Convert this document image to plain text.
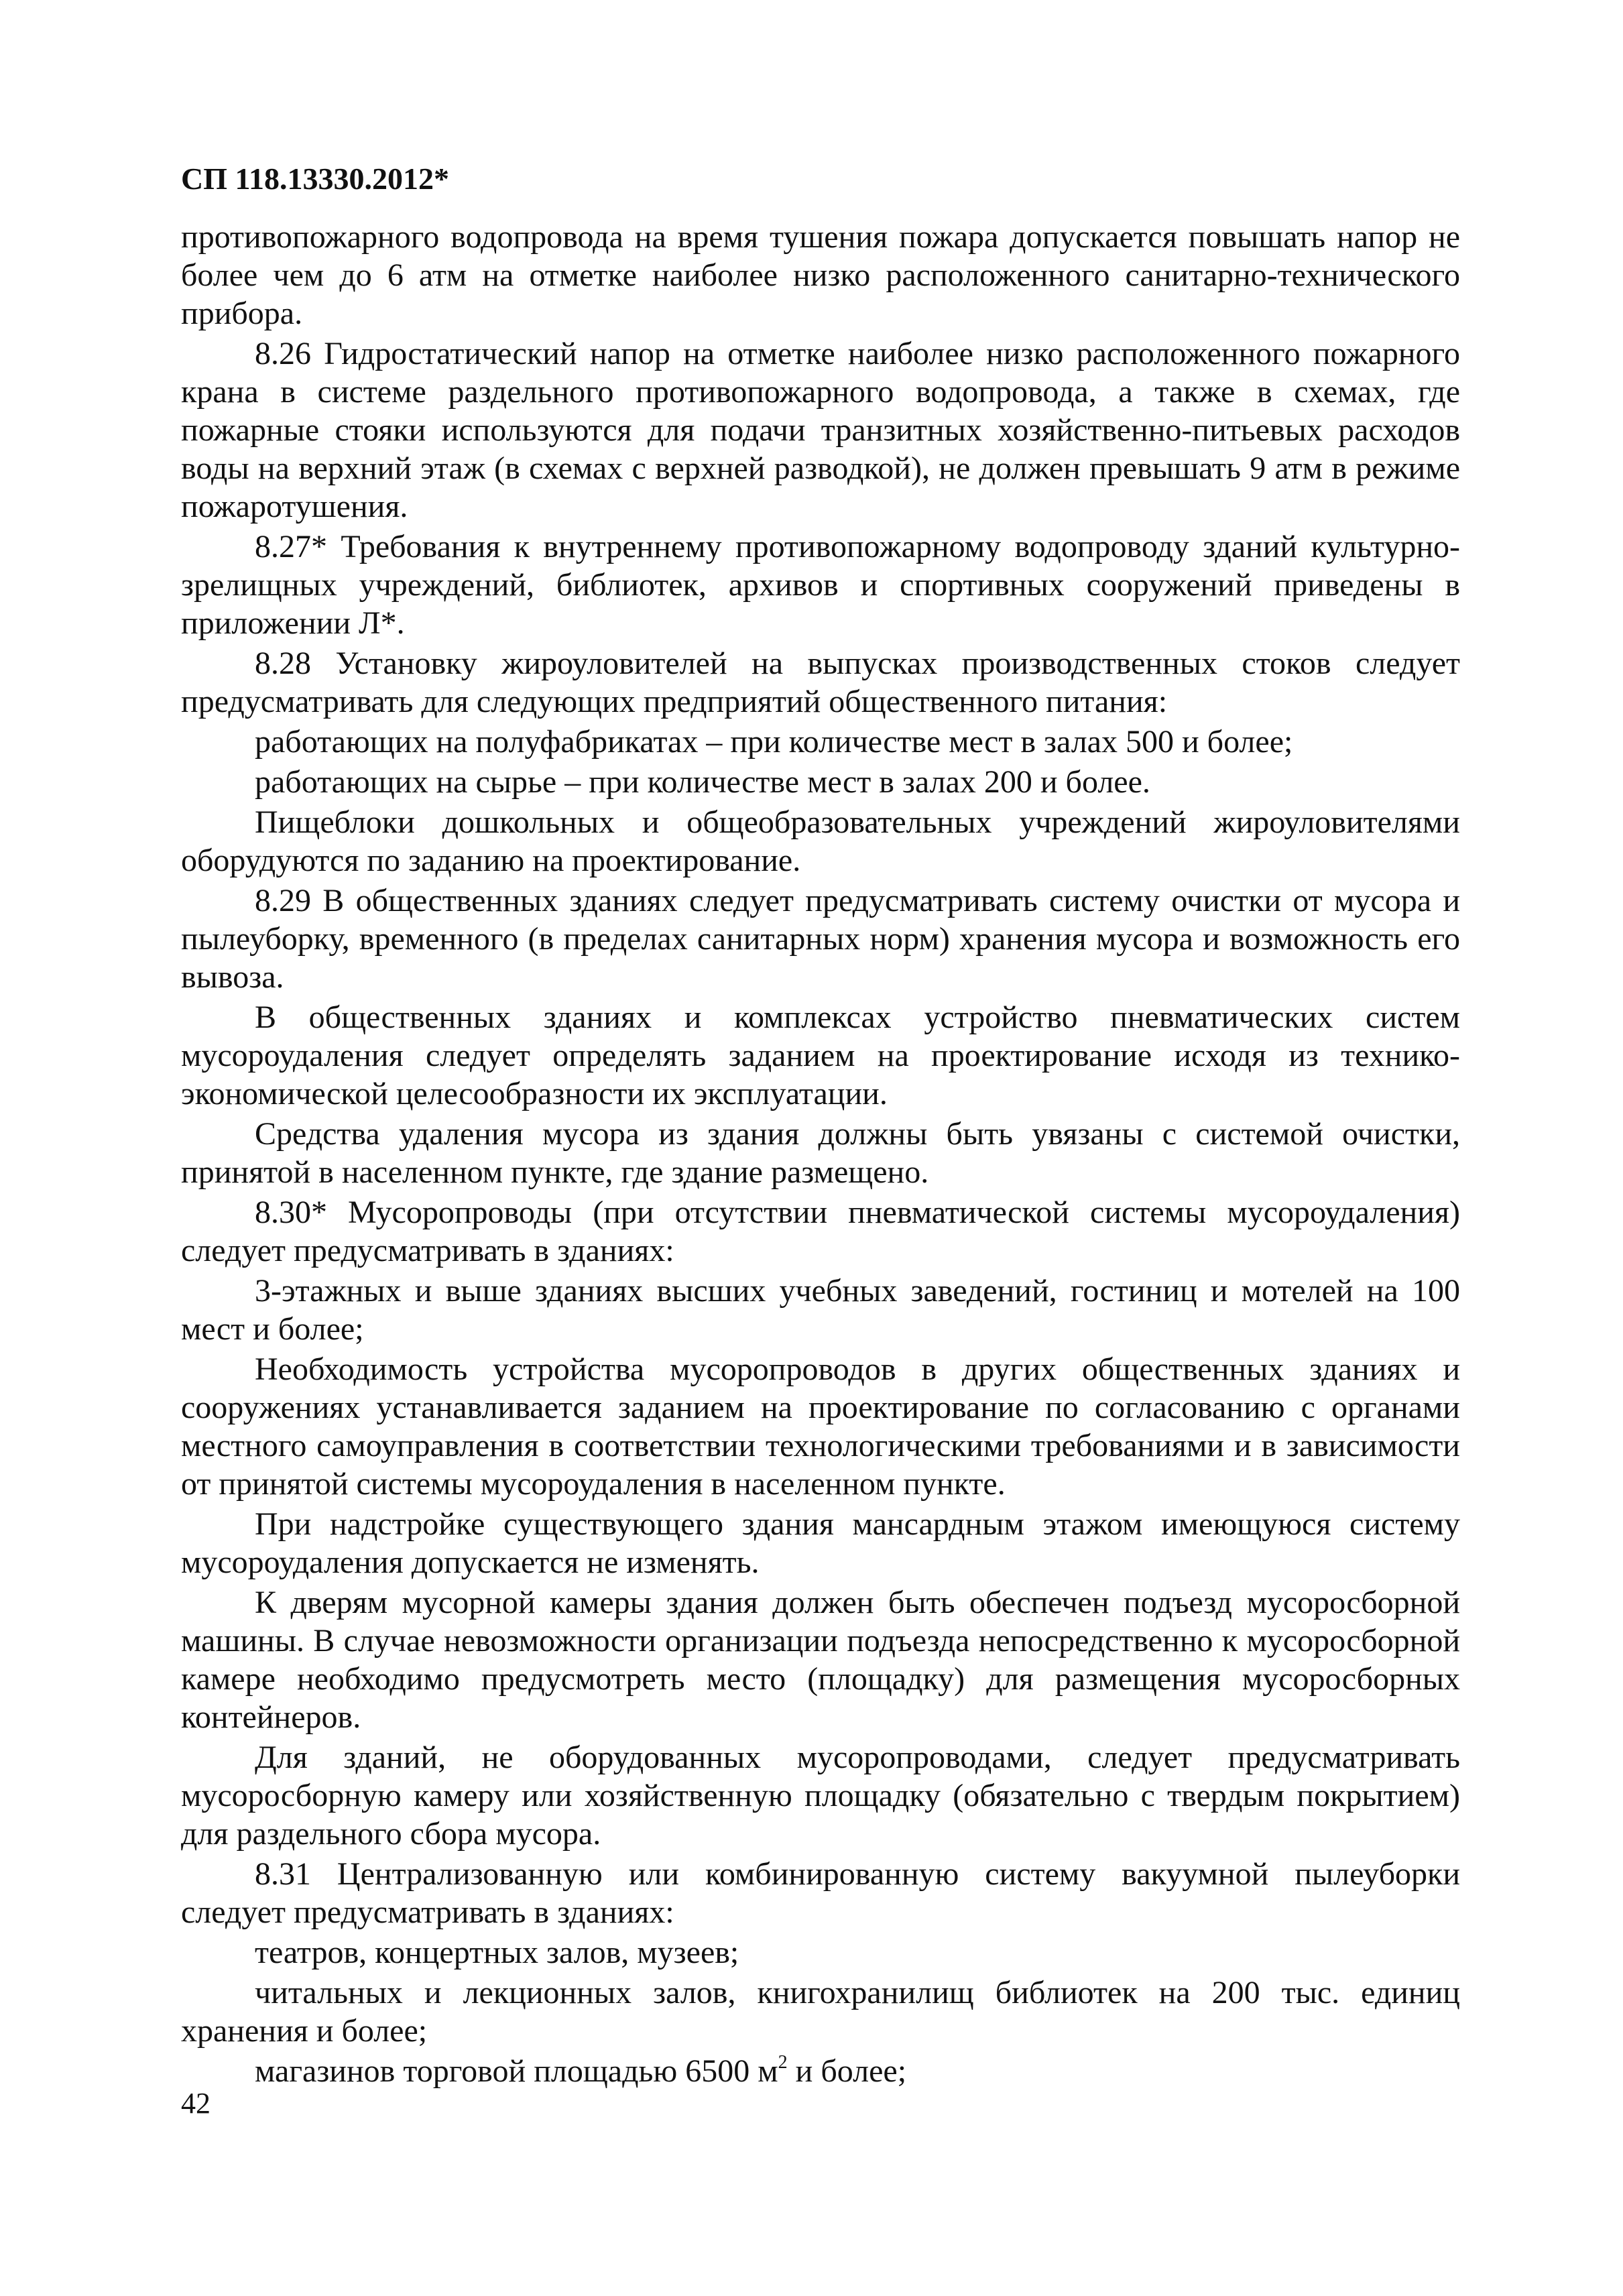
СП 118.13330.2012*

противопожарного водопровода на время тушения пожара допускается повышать напор не более чем до 6 атм на отметке наиболее низко расположенного санитарно-технического прибора.

8.26 Гидростатический напор на отметке наиболее низко расположенного пожарного крана в системе раздельного противопожарного водопровода, а также в схемах, где пожарные стояки используются для подачи транзитных хозяйственно-питьевых расходов воды на верхний этаж (в схемах с верхней разводкой), не должен превышать 9 атм в режиме пожаротушения.

8.27* Требования к внутреннему противопожарному водопроводу зданий культурно-зрелищных учреждений, библиотек, архивов и спортивных сооружений приведены в приложении Л*.

8.28 Установку жироуловителей на выпусках производственных стоков следует предусматривать для следующих предприятий общественного питания:

работающих на полуфабрикатах – при количестве мест в залах 500 и более;

работающих на сырье – при количестве мест в залах 200 и более.

Пищеблоки дошкольных и общеобразовательных учреждений жироуловителями оборудуются по заданию на проектирование.

8.29 В общественных зданиях следует предусматривать систему очистки от мусора и пылеуборку, временного (в пределах санитарных норм) хранения мусора и возможность его вывоза.

В общественных зданиях и комплексах устройство пневматических систем мусороудаления следует определять заданием на проектирование исходя из технико-экономической целесообразности их эксплуатации.

Средства удаления мусора из здания должны быть увязаны с системой очистки, принятой в населенном пункте, где здание размещено.

8.30* Мусоропроводы (при отсутствии пневматической системы мусороудаления) следует предусматривать в зданиях:

3-этажных и выше зданиях высших учебных заведений, гостиниц и мотелей на 100 мест и более;

Необходимость устройства мусоропроводов в других общественных зданиях и сооружениях устанавливается заданием на проектирование по согласованию с органами местного самоуправления в соответствии технологическими требованиями и в зависимости от принятой системы мусороудаления в населенном пункте.

При надстройке существующего здания мансардным этажом имеющуюся систему мусороудаления допускается не изменять.

К дверям мусорной камеры здания должен быть обеспечен подъезд мусоросборной машины. В случае невозможности организации подъезда непосредственно к мусоросборной камере необходимо предусмотреть место (площадку) для размещения мусоросборных контейнеров.

Для зданий, не оборудованных мусоропроводами, следует предусматривать мусоросборную камеру или хозяйственную площадку (обязательно с твердым покрытием) для раздельного сбора мусора.

8.31 Централизованную или комбинированную систему вакуумной пылеуборки следует предусматривать в зданиях:

театров, концертных залов, музеев;

читальных и лекционных залов, книгохранилищ библиотек на 200 тыс. единиц хранения и более;

магазинов торговой площадью 6500 $м^2$ и более;

42
